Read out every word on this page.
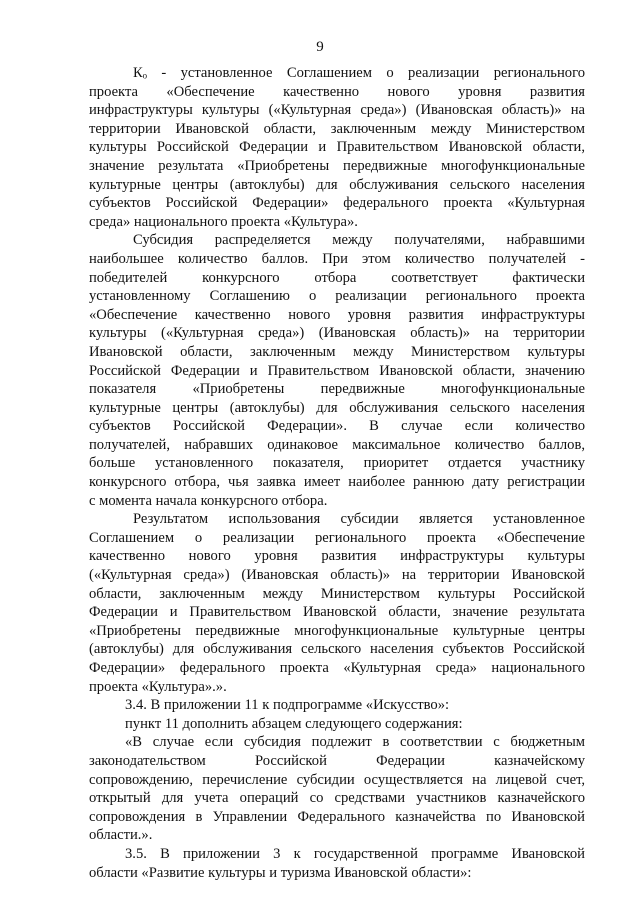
9
Кₒ - установленное Соглашением о реализации регионального
проекта «Обеспечение качественно нового уровня развития
инфраструктуры культуры («Культурная среда») (Ивановская область)» на
территории Ивановской области, заключенным между Министерством
культуры Российской Федерации и Правительством Ивановской области,
значение результата «Приобретены передвижные многофункциональные
культурные центры (автоклубы) для обслуживания сельского населения
субъектов Российской Федерации» федерального проекта «Культурная
среда» национального проекта «Культура».
Субсидия распределяется между получателями, набравшими
наибольшее количество баллов. При этом количество получателей -
победителей конкурсного отбора соответствует фактически
установленному Соглашению о реализации регионального проекта
«Обеспечение качественно нового уровня развития инфраструктуры
культуры («Культурная среда») (Ивановская область)» на территории
Ивановской области, заключенным между Министерством культуры
Российской Федерации и Правительством Ивановской области, значению
показателя «Приобретены передвижные многофункциональные
культурные центры (автоклубы) для обслуживания сельского населения
субъектов Российской Федерации». В случае если количество
получателей, набравших одинаковое максимальное количество баллов,
больше установленного показателя, приоритет отдается участнику
конкурсного отбора, чья заявка имеет наиболее раннюю дату регистрации
с момента начала конкурсного отбора.
Результатом использования субсидии является установленное
Соглашением о реализации регионального проекта «Обеспечение
качественно нового уровня развития инфраструктуры культуры
(«Культурная среда») (Ивановская область)» на территории Ивановской
области, заключенным между Министерством культуры Российской
Федерации и Правительством Ивановской области, значение результата
«Приобретены передвижные многофункциональные культурные центры
(автоклубы) для обслуживания сельского населения субъектов Российской
Федерации» федерального проекта «Культурная среда» национального
проекта «Культура».».
3.4. В приложении 11 к подпрограмме «Искусство»:
пункт 11 дополнить абзацем следующего содержания:
«В случае если субсидия подлежит в соответствии с бюджетным
законодательством Российской Федерации казначейскому
сопровождению, перечисление субсидии осуществляется на лицевой счет,
открытый для учета операций со средствами участников казначейского
сопровождения в Управлении Федерального казначейства по Ивановской
области.».
3.5. В приложении 3 к государственной программе Ивановской
области «Развитие культуры и туризма Ивановской области»:
